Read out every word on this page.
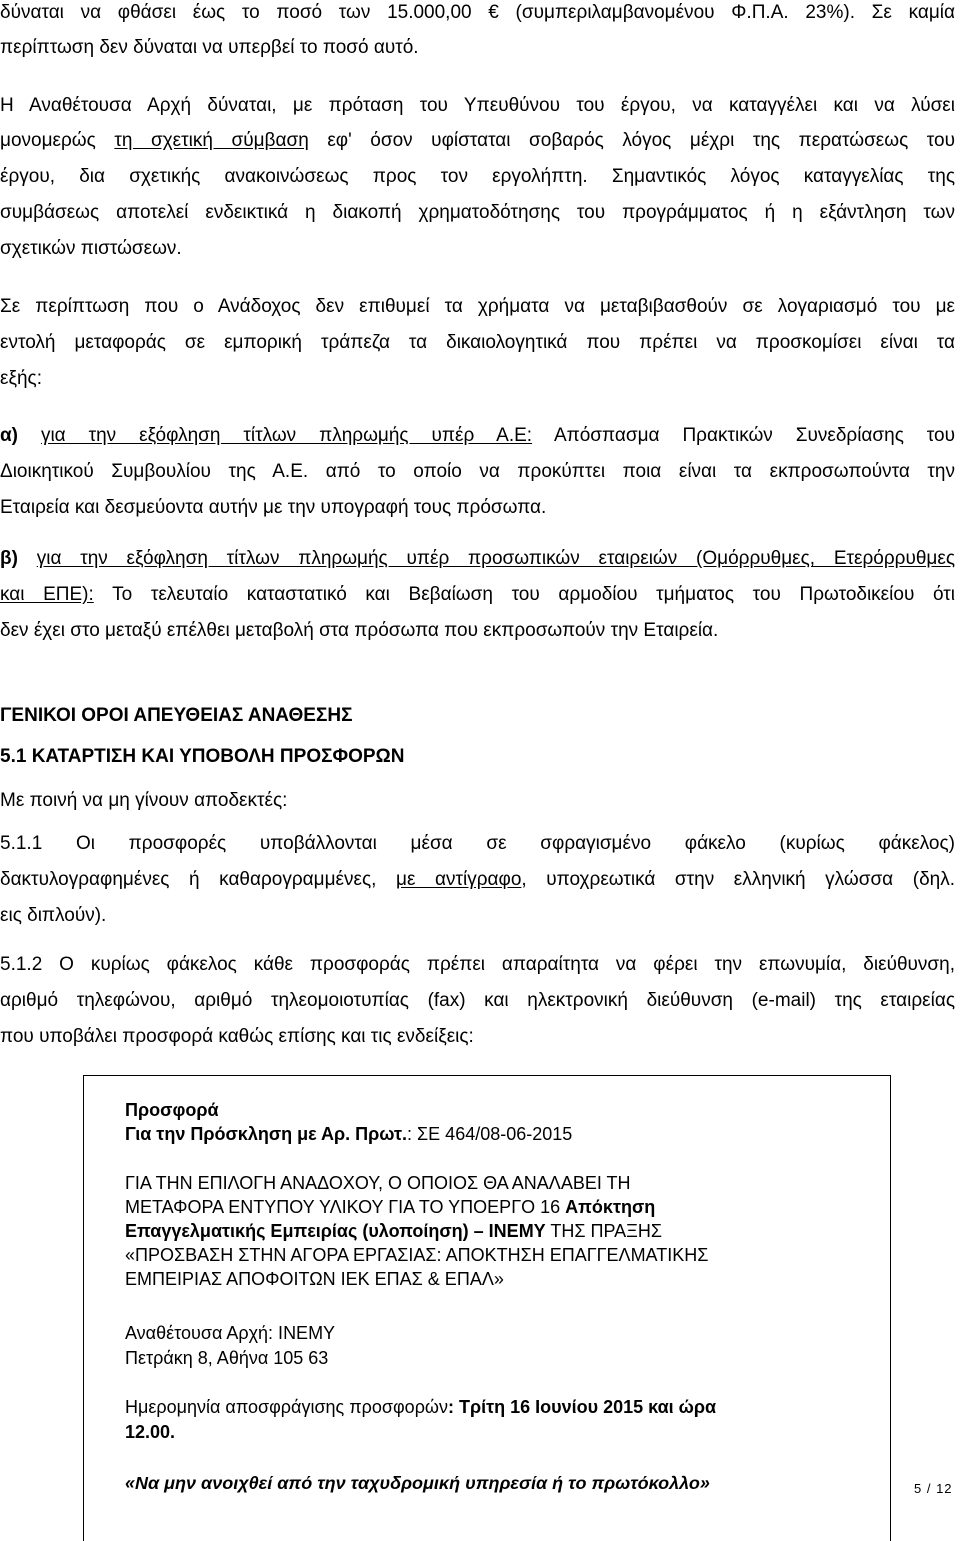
δύναται να φθάσει έως το ποσό των 15.000,00 € (συμπεριλαμβανομένου Φ.Π.Α. 23%). Σε καμία
περίπτωση δεν δύναται να υπερβεί το ποσό αυτό.
Η Αναθέτουσα Αρχή δύναται, με πρόταση του Υπευθύνου του έργου, να καταγγέλει και να λύσει
μονομερώς τη σχετική σύμβαση εφ' όσον υφίσταται σοβαρός λόγος μέχρι της περατώσεως του
έργου, δια σχετικής ανακοινώσεως προς τον εργολήπτη. Σημαντικός λόγος καταγγελίας της
συμβάσεως αποτελεί ενδεικτικά η διακοπή χρηματοδότησης του προγράμματος ή η εξάντληση των
σχετικών πιστώσεων.
Σε περίπτωση που ο Ανάδοχος δεν επιθυμεί τα χρήματα να μεταβιβασθούν σε λογαριασμό του με
εντολή μεταφοράς σε εμπορική τράπεζα τα δικαιολογητικά που πρέπει να προσκομίσει είναι τα
εξής:
α) για την εξόφληση τίτλων πληρωμής υπέρ Α.Ε: Απόσπασμα Πρακτικών Συνεδρίασης του
Διοικητικού Συμβουλίου της Α.Ε. από το οποίο να προκύπτει ποια είναι τα εκπροσωπούντα την
Εταιρεία και δεσμεύοντα αυτήν με την υπογραφή τους πρόσωπα.
β) για την εξόφληση τίτλων πληρωμής υπέρ προσωπικών εταιρειών (Ομόρρυθμες, Ετερόρρυθμες
και ΕΠΕ): Το τελευταίο καταστατικό και Βεβαίωση του αρμοδίου τμήματος του Πρωτοδικείου ότι
δεν έχει στο μεταξύ επέλθει μεταβολή στα πρόσωπα που εκπροσωπούν την Εταιρεία.
ΓΕΝΙΚΟΙ ΟΡΟΙ ΑΠΕΥΘΕΙΑΣ ΑΝΑΘΕΣΗΣ
5.1 ΚΑΤΑΡΤΙΣΗ ΚΑΙ ΥΠΟΒΟΛΗ ΠΡΟΣΦΟΡΩΝ
Με ποινή να μη γίνουν αποδεκτές:
5.1.1 Οι προσφορές υποβάλλονται μέσα σε σφραγισμένο φάκελο (κυρίως φάκελος)
δακτυλογραφημένες ή καθαρογραμμένες, με αντίγραφο, υποχρεωτικά στην ελληνική γλώσσα (δηλ.
εις διπλούν).
5.1.2 Ο κυρίως φάκελος κάθε προσφοράς πρέπει απαραίτητα να φέρει την επωνυμία, διεύθυνση,
αριθμό τηλεφώνου, αριθμό τηλεομοιοτυπίας (fax) και ηλεκτρονική διεύθυνση (e-mail) της εταιρείας
που υποβάλει προσφορά καθώς επίσης και τις ενδείξεις:
Προσφορά
Για την Πρόσκληση με Αρ. Πρωτ.: ΣΕ 464/08-06-2015
ΓΙΑ ΤΗΝ ΕΠΙΛΟΓΗ ΑΝΑΔΟΧΟΥ, Ο ΟΠΟΙΟΣ ΘΑ ΑΝΑΛΑΒΕΙ ΤΗ
ΜΕΤΑΦΟΡΑ ΕΝΤΥΠΟΥ ΥΛΙΚΟΥ ΓΙΑ ΤΟ ΥΠΟΕΡΓΟ 16 Απόκτηση
Επαγγελματικής Εμπειρίας (υλοποίηση) – ΙΝΕΜΥ ΤΗΣ ΠΡΑΞΗΣ
«ΠΡΟΣΒΑΣΗ ΣΤΗΝ ΑΓΟΡΑ ΕΡΓΑΣΙΑΣ: ΑΠΟΚΤΗΣΗ ΕΠΑΓΓΕΛΜΑΤΙΚΗΣ
ΕΜΠΕΙΡΙΑΣ ΑΠΟΦΟΙΤΩΝ ΙΕΚ ΕΠΑΣ & ΕΠΑΛ»
Αναθέτουσα Αρχή: ΙΝΕΜΥ
Πετράκη 8, Αθήνα 105 63
Ημερομηνία αποσφράγισης προσφορών: Τρίτη 16 Ιουνίου 2015 και ώρα
12.00.
«Να μην ανοιχθεί από την ταχυδρομική υπηρεσία ή το πρωτόκολλο»	5 / 12
